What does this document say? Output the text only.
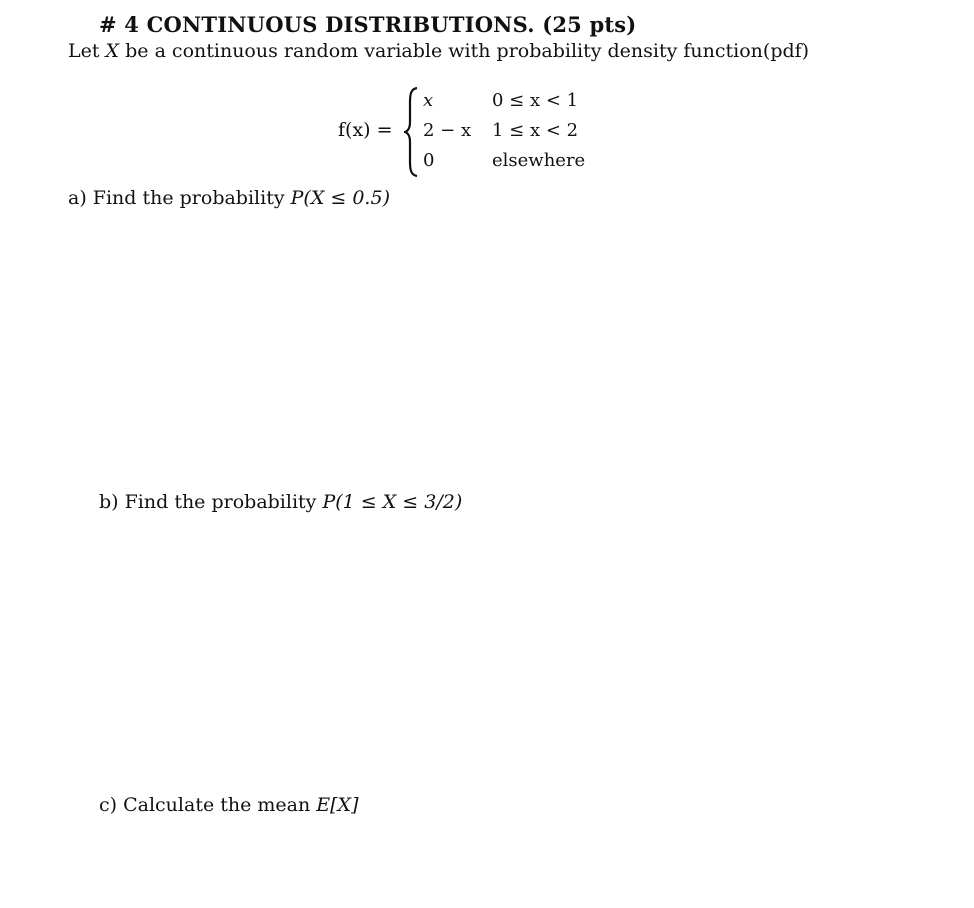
# 4 CONTINUOUS DISTRIBUTIONS. (25 pts)
Let X be a continuous random variable with probability density function(pdf)
f(x) =
x	0 ≤ x < 1
2 − x 1 ≤ x < 2
0	elsewhere
a) Find the probability P(X ≤ 0.5)
b) Find the probability P(1 ≤ X ≤ 3/2)
c) Calculate the mean E[X]
